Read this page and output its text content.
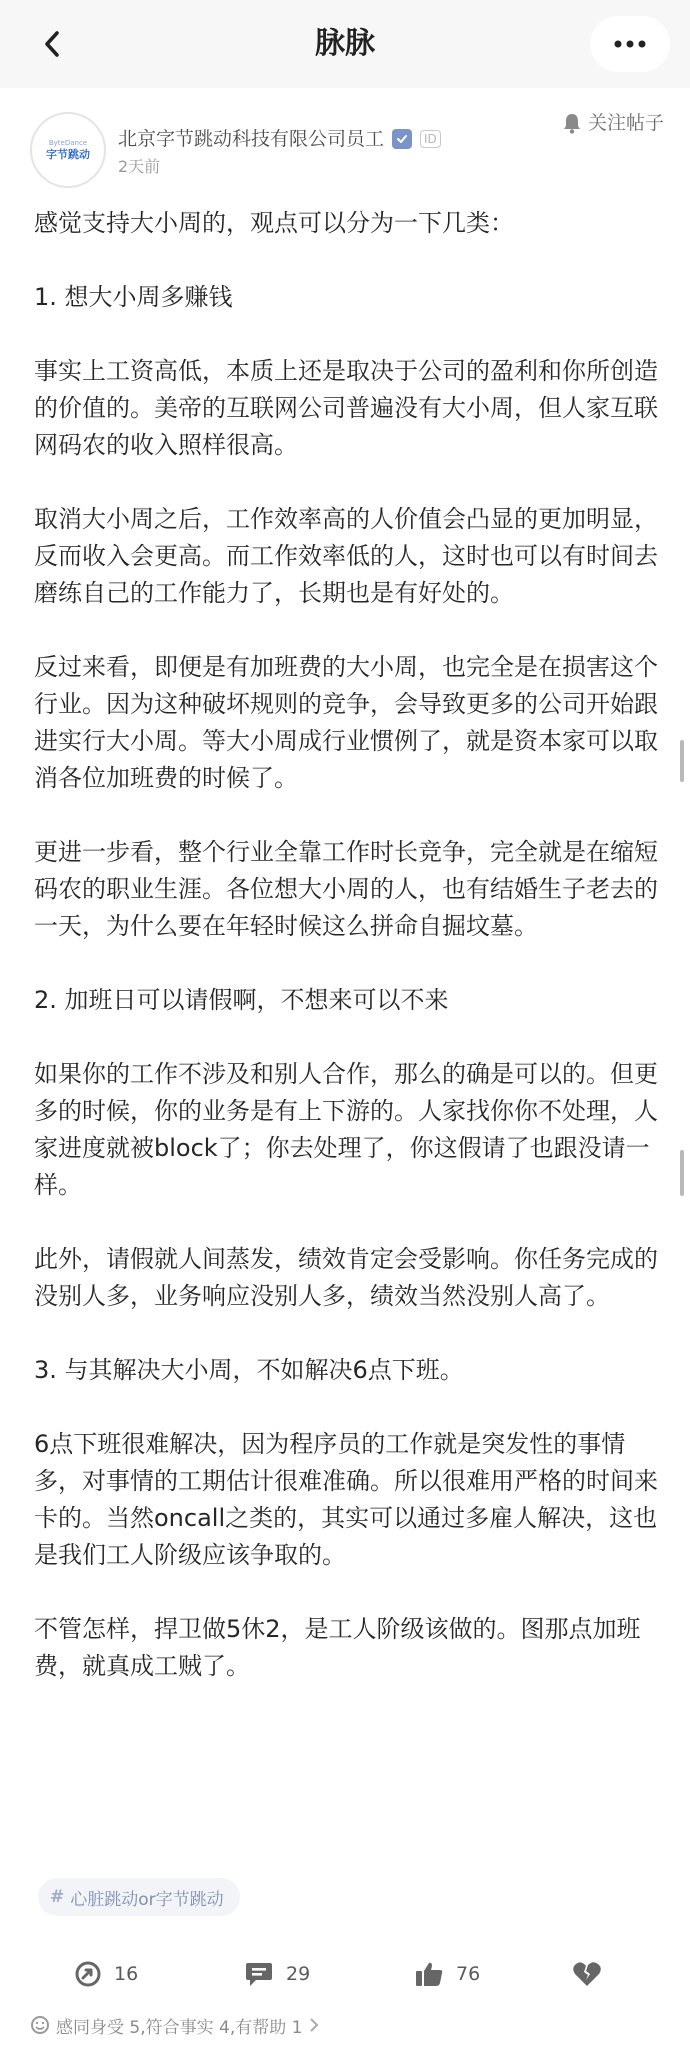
脉脉
ByteDance
字节跳动
北京字节跳动科技有限公司员工	ID
2天前
关注帖子

感觉支持大小周的，观点可以分为一下几类：

1. 想大小周多赚钱

事实上工资高低，本质上还是取决于公司的盈利和你所创造的价值的。美帝的互联网公司普遍没有大小周，但人家互联网码农的收入照样很高。

取消大小周之后，工作效率高的人价值会凸显的更加明显，反而收入会更高。而工作效率低的人，这时也可以有时间去磨练自己的工作能力了，长期也是有好处的。

反过来看，即便是有加班费的大小周，也完全是在损害这个行业。因为这种破坏规则的竞争，会导致更多的公司开始跟进实行大小周。等大小周成行业惯例了，就是资本家可以取消各位加班费的时候了。

更进一步看，整个行业全靠工作时长竞争，完全就是在缩短码农的职业生涯。各位想大小周的人，也有结婚生子老去的一天，为什么要在年轻时候这么拼命自掘坟墓。

2. 加班日可以请假啊，不想来可以不来

如果你的工作不涉及和别人合作，那么的确是可以的。但更多的时候，你的业务是有上下游的。人家找你你不处理，人家进度就被block了；你去处理了，你这假请了也跟没请一样。

此外，请假就人间蒸发，绩效肯定会受影响。你任务完成的没别人多，业务响应没别人多，绩效当然没别人高了。

3. 与其解决大小周，不如解决6点下班。

6点下班很难解决，因为程序员的工作就是突发性的事情多，对事情的工期估计很难准确。所以很难用严格的时间来卡的。当然oncall之类的，其实可以通过多雇人解决，这也是我们工人阶级应该争取的。

不管怎样，捍卫做5休2，是工人阶级该做的。图那点加班费，就真成工贼了。

# 心脏跳动or字节跳动
16	29	76
感同身受 5,符合事实 4,有帮助 1
